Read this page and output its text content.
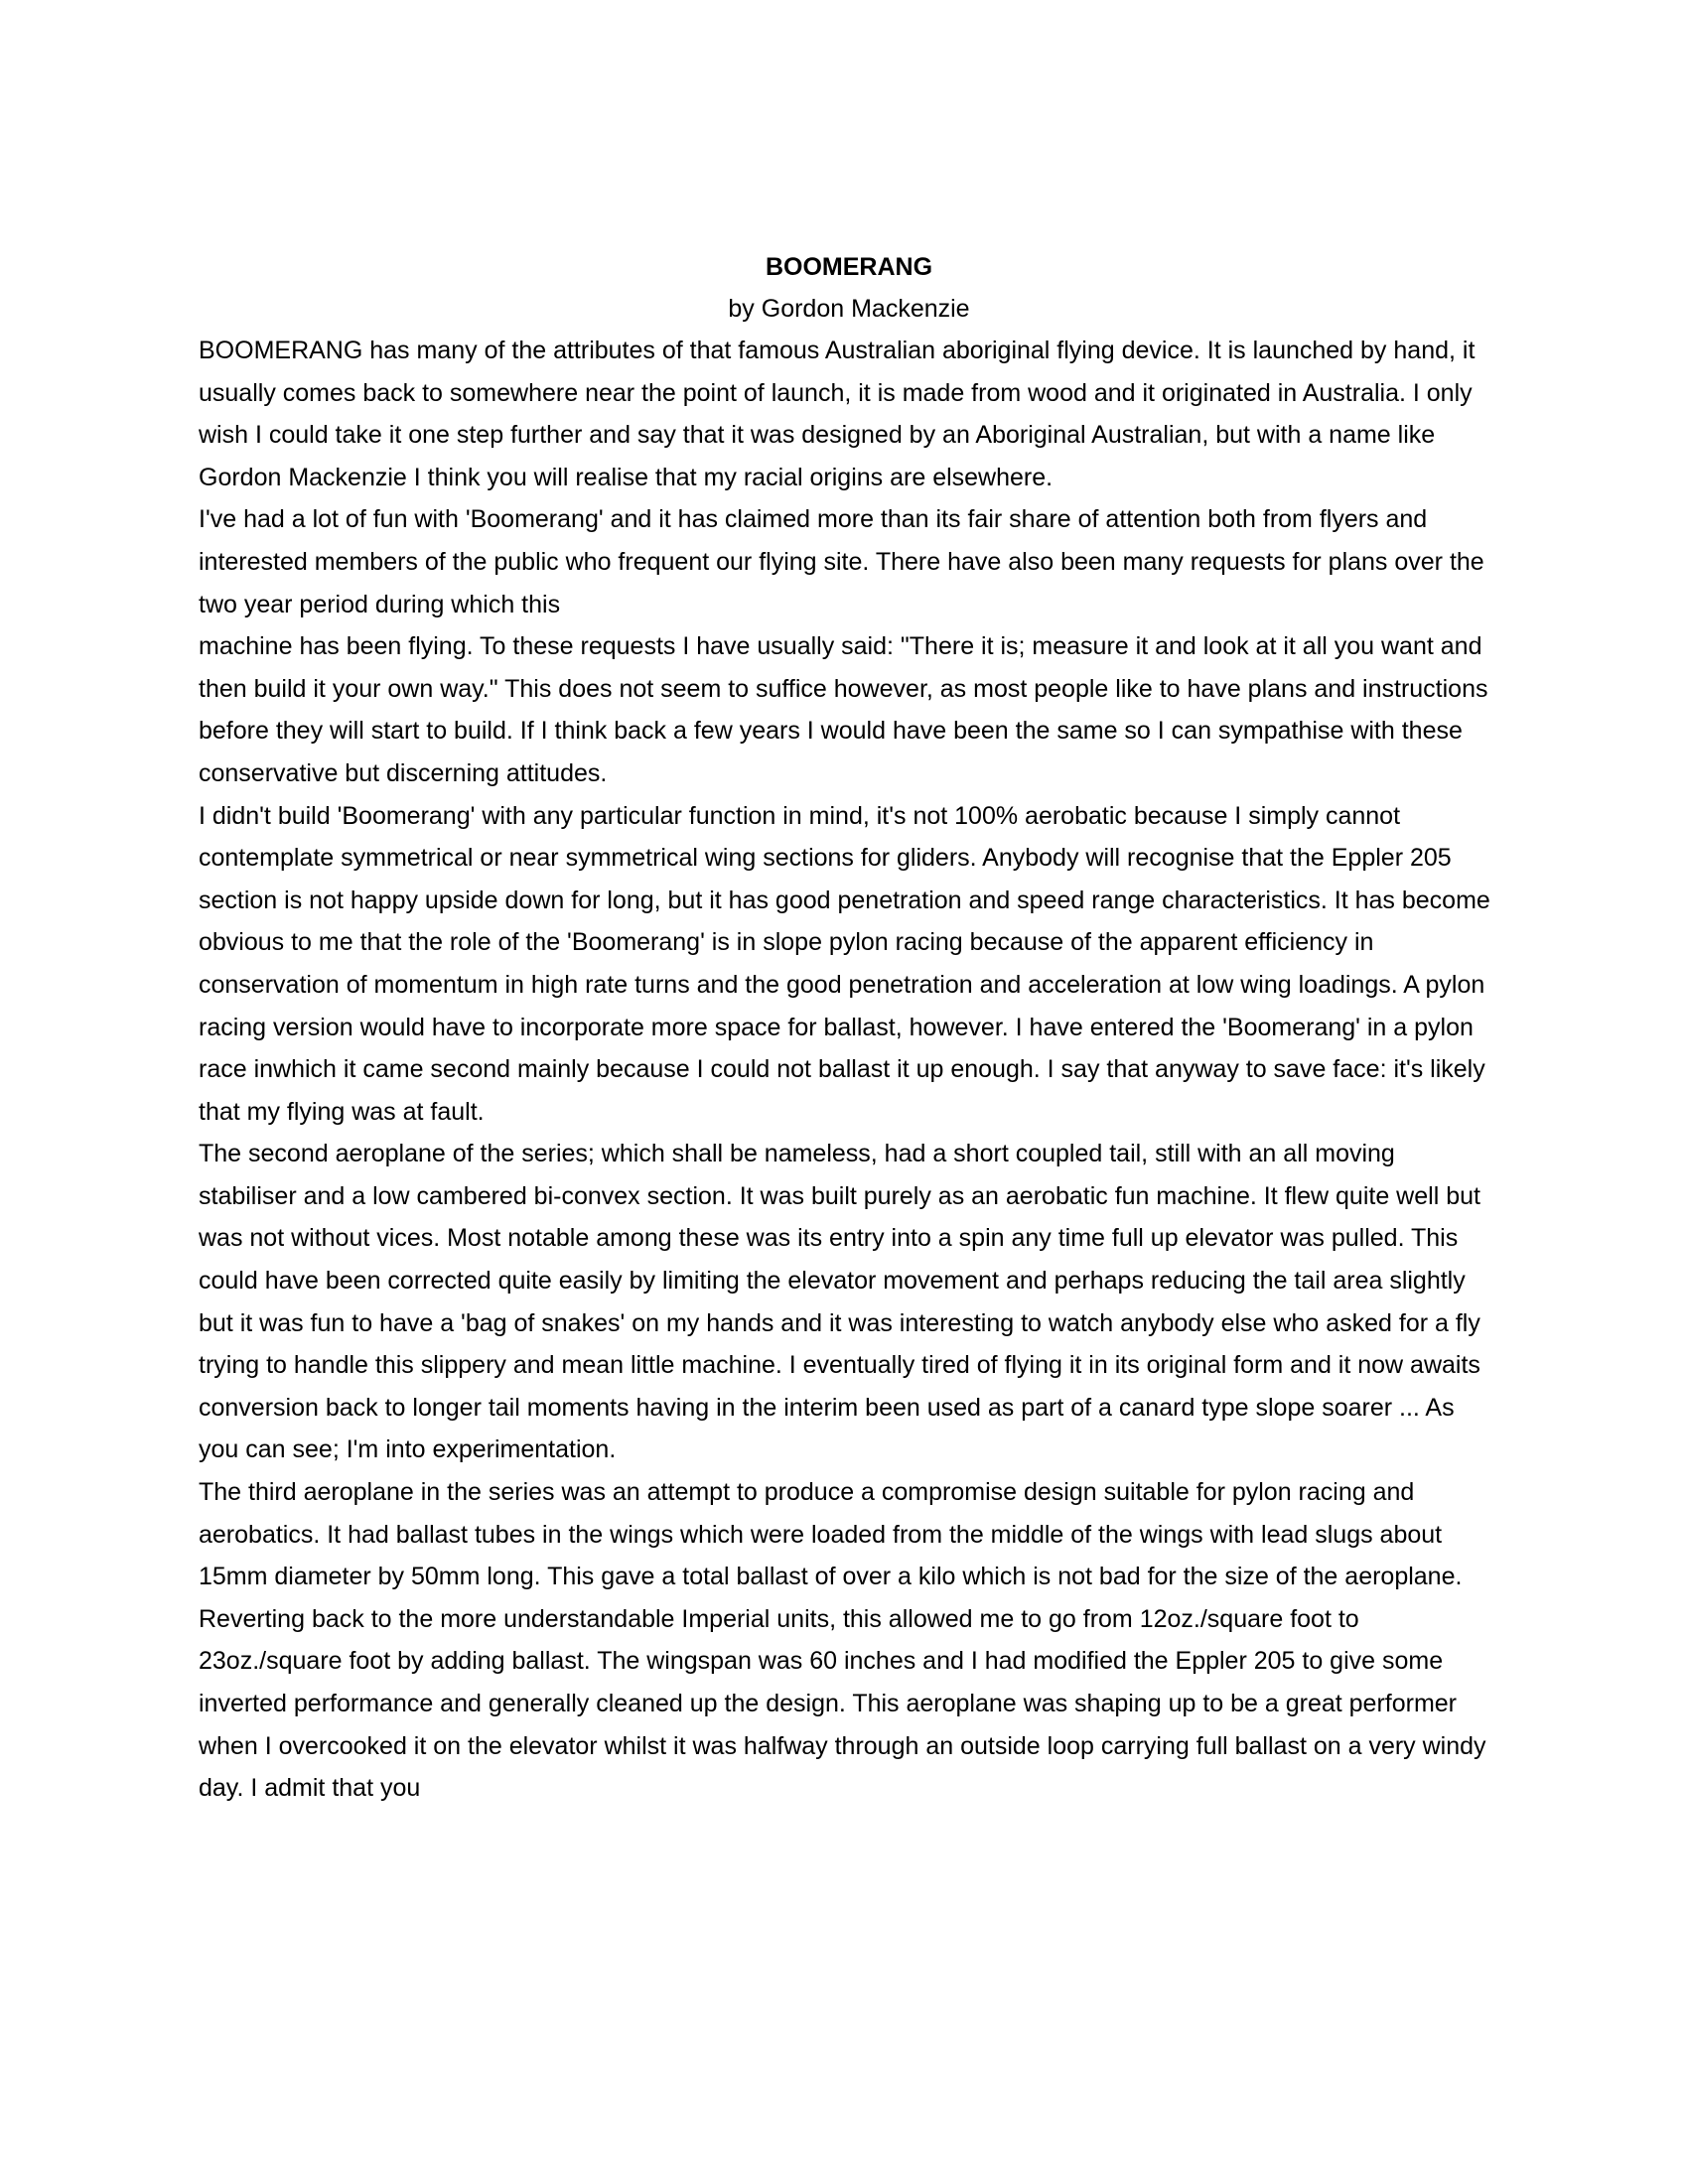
BOOMERANG

by Gordon Mackenzie

BOOMERANG has many of the attributes of that famous Australian aboriginal flying device. It is launched by hand, it usually comes back to somewhere near the point of launch, it is made from wood and it originated in Australia. I only wish I could take it one step further and say that it was designed by an Aboriginal Australian, but with a name like Gordon Mackenzie I think you will realise that my racial origins are elsewhere.

I've had a lot of fun with 'Boomerang' and it has claimed more than its fair share of attention both from flyers and

interested members of the public who frequent our flying site. There have also been many requests for plans over the two year period during which this

machine has been flying. To these requests I have usually said: "There it is; measure it and look at it all you want and then build it your own way." This does not seem to suffice however, as most people like to have plans and instructions before they will start to build. If I think back a few years I would have been the same so I can sympathise with these conservative but discerning attitudes.

I didn't build 'Boomerang' with any particular function in mind, it's not 100% aerobatic because I simply cannot contemplate symmetrical or near symmetrical wing sections for gliders. Anybody will recognise that the Eppler 205 section is not happy upside down for long, but it has good penetration and speed range characteristics. It has become obvious to me that the role of the 'Boomerang' is in slope pylon racing because of the apparent efficiency in conservation of momentum in high rate turns and the good penetration and acceleration at low wing loadings. A pylon racing version would have to incorporate more space for ballast, however. I have entered the 'Boomerang' in a pylon race inwhich it came second mainly because I could not ballast it up enough. I say that anyway to save face: it's likely that my flying was at fault.

The second aeroplane of the series; which shall be nameless, had a short coupled tail, still with an all moving stabiliser and a low cambered bi-convex section. It was built purely as an aerobatic fun machine. It flew quite well but was not without vices. Most notable among these was its entry into a spin any time full up elevator was pulled. This could have been corrected quite easily by limiting the elevator movement and perhaps reducing the tail area slightly but it was fun to have a 'bag of snakes' on my hands and it was interesting to watch anybody else who asked for a fly trying to handle this slippery and mean little machine. I eventually tired of flying it in its original form and it now awaits conversion back to longer tail moments having in the interim been used as part of a canard type slope soarer ... As you can see; I'm into experimentation.

The third aeroplane in the series was an attempt to produce a compromise design suitable for pylon racing and aerobatics. It had ballast tubes in the wings which were loaded from the middle of the wings with lead slugs about 15mm diameter by 50mm long. This gave a total ballast of over a kilo which is not bad for the size of the aeroplane. Reverting back to the more understandable Imperial units, this allowed me to go from 12oz./square foot to 23oz./square foot by adding ballast. The wingspan was 60 inches and I had modified the Eppler 205 to give some inverted performance and generally cleaned up the design. This aeroplane was shaping up to be a great performer when I overcooked it on the elevator whilst it was halfway through an outside loop carrying full ballast on a very windy day. I admit that you
